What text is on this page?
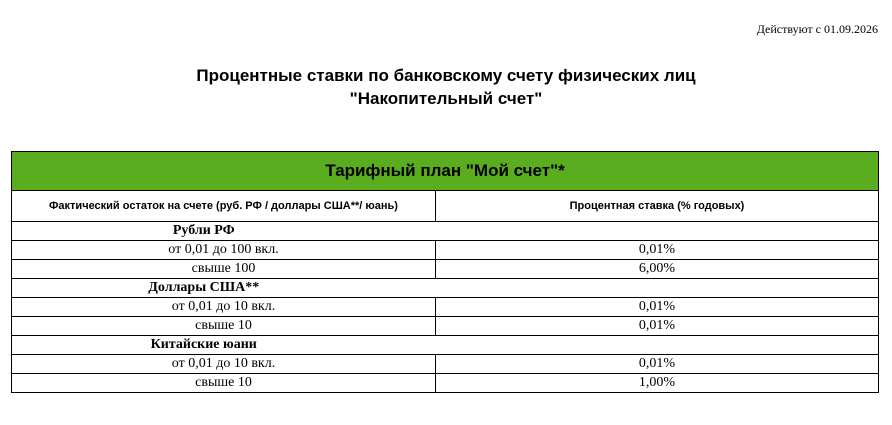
Действуют с 01.09.2026
Процентные ставки по банковскому счету физических лиц
"Накопительный счет"
Тарифный план "Мой счет"*	
Фактический остаток на счете (руб. РФ / доллары США**/ юань)	Процентная ставка (% годовых)
Рубли РФ	
от 0,01 до 100 вкл.	0,01%
свыше 100	6,00%
Доллары США**	
от 0,01 до 10 вкл.	0,01%
свыше 10	0,01%
Китайские юани	
от 0,01 до 10 вкл.	0,01%
свыше 10	1,00%
